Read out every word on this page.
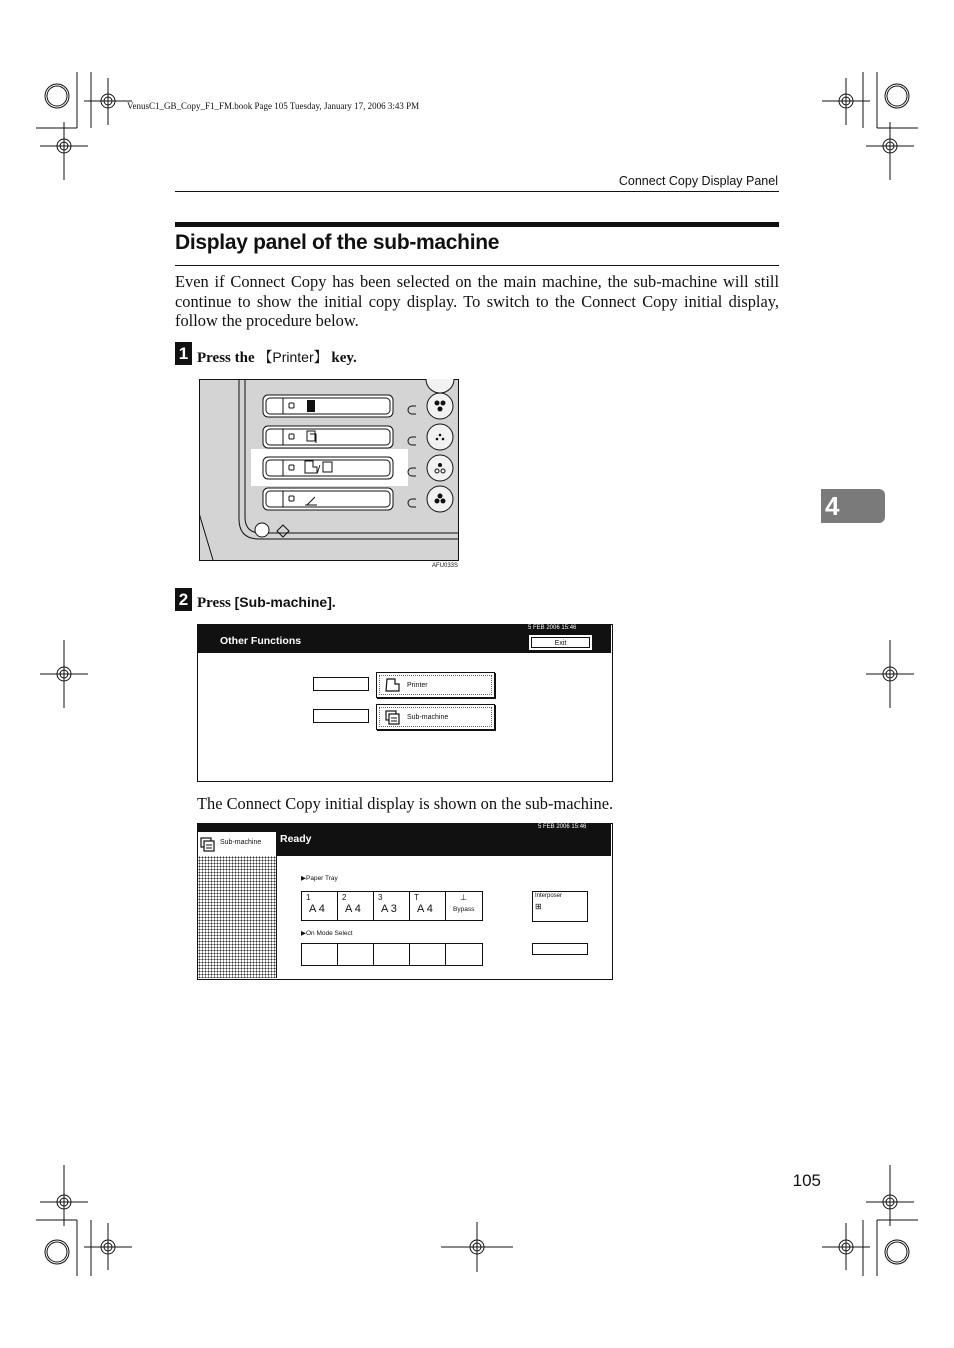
VenusC1_GB_Copy_F1_FM.book Page 105 Tuesday, January 17, 2006 3:43 PM
Connect Copy Display Panel
Display panel of the sub-machine
Even if Connect Copy has been selected on the main machine, the sub-machine will still continue to show the initial copy display. To switch to the Connect Copy initial display, follow the procedure below.
4
1 Press the 【Printer】 key.
/
AFU033S
2 Press [Sub-machine].
Other Functions
5 FEB 2006 15:46
Exit
Printer
Sub-machine
The Connect Copy initial display is shown on the sub-machine.
Sub-machine Ready
5 FEB 2006 15:46
▶Paper Tray
1
A 4
2
A 4
3
A 3
T
A 4
⊥
Bypass
▶On Mode Select
Interposer
⊞
105
